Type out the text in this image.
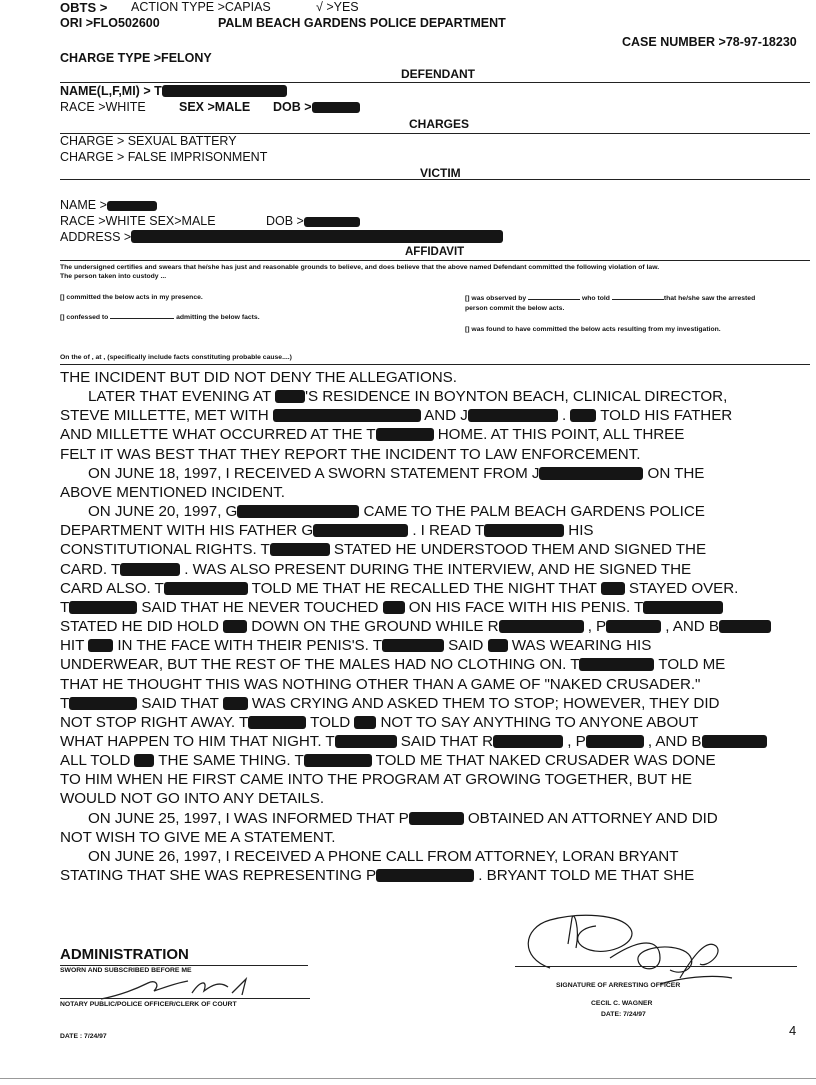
OBTS > ACTION TYPE >CAPIAS	√ >YES
ORI >FLO502600	PALM BEACH GARDENS POLICE DEPARTMENT
CASE NUMBER >78-97-18230
CHARGE TYPE >FELONY
DEFENDANT
NAME(L,F,MI) > T
RACE >WHITE	SEX >MALE DOB >
CHARGES
CHARGE > SEXUAL BATTERY
CHARGE > FALSE IMPRISONMENT
VICTIM
NAME >
RACE >WHITE SEX>MALE	DOB >
ADDRESS >
AFFIDAVIT
The undersigned certifies and swears that he/she has just and reasonable grounds to believe, and does believe that the above named Defendant committed the following violation of law.
The person taken into custody ...
[] committed the below acts in my presence.
[] confessed to	admitting the below facts.
[] was observed by	who told	that he/she saw the arrested
person commit the below acts.
[] was found to have committed the below acts resulting from my investigation.
On the of , at , (specifically include facts constituting probable cause....)
THE INCIDENT BUT DID NOT DENY THE ALLEGATIONS.
LATER THAT EVENING AT 'S RESIDENCE IN BOYNTON BEACH, CLINICAL DIRECTOR,
STEVE MILLETTE, MET WITH	AND J	.  TOLD HIS FATHER
AND MILLETTE WHAT OCCURRED AT THE T	HOME. AT THIS POINT, ALL THREE
FELT IT WAS BEST THAT THEY REPORT THE INCIDENT TO LAW ENFORCEMENT.
ON JUNE 18, 1997, I RECEIVED A SWORN STATEMENT FROM J	ON THE
ABOVE MENTIONED INCIDENT.
ON JUNE 20, 1997, G	CAME TO THE PALM BEACH GARDENS POLICE
DEPARTMENT WITH HIS FATHER G	. I READ T	HIS
CONSTITUTIONAL RIGHTS. T	STATED HE UNDERSTOOD THEM AND SIGNED THE
CARD. T	. WAS ALSO PRESENT DURING THE INTERVIEW, AND HE SIGNED THE
CARD ALSO. T	TOLD ME THAT HE RECALLED THE NIGHT THAT  STAYED OVER.
T	SAID THAT HE NEVER TOUCHED  ON HIS FACE WITH HIS PENIS. T
STATED HE DID HOLD  DOWN ON THE GROUND WHILE R	, P	, AND B
HIT  IN THE FACE WITH THEIR PENIS'S. T	SAID  WAS WEARING HIS
UNDERWEAR, BUT THE REST OF THE MALES HAD NO CLOTHING ON. T	TOLD ME
THAT HE THOUGHT THIS WAS NOTHING OTHER THAN A GAME OF "NAKED CRUSADER."
T	SAID THAT  WAS CRYING AND ASKED THEM TO STOP; HOWEVER, THEY DID
NOT STOP RIGHT AWAY. T	TOLD  NOT TO SAY ANYTHING TO ANYONE ABOUT
WHAT HAPPEN TO HIM THAT NIGHT. T	SAID THAT R	, P	, AND B
ALL TOLD  THE SAME THING. T	TOLD ME THAT NAKED CRUSADER WAS DONE
TO HIM WHEN HE FIRST CAME INTO THE PROGRAM AT GROWING TOGETHER, BUT HE
WOULD NOT GO INTO ANY DETAILS.
ON JUNE 25, 1997, I WAS INFORMED THAT P	OBTAINED AN ATTORNEY AND DID
NOT WISH TO GIVE ME A STATEMENT.
ON JUNE 26, 1997, I RECEIVED A PHONE CALL FROM ATTORNEY, LORAN BRYANT
STATING THAT SHE WAS REPRESENTING P	. BRYANT TOLD ME THAT SHE
ADMINISTRATION
SWORN AND SUBSCRIBED BEFORE ME
NOTARY PUBLIC/POLICE OFFICER/CLERK OF COURT
DATE : 7/24/97
SIGNATURE OF ARRESTING OFFICER
CECIL C. WAGNER
DATE: 7/24/97
4
